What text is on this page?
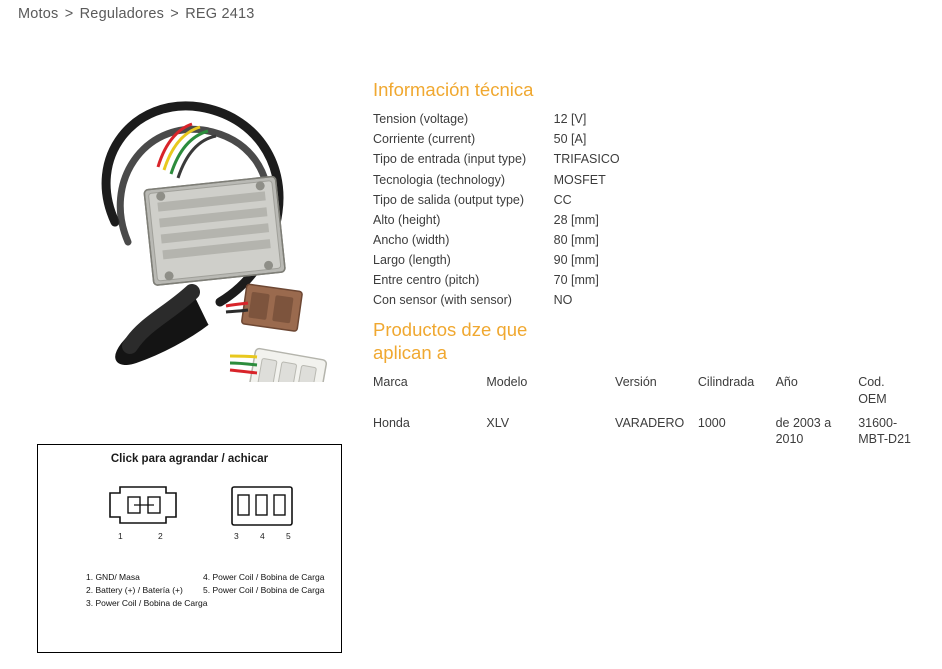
Motos > Reguladores > REG 2413
Información técnica
Tension (voltage)	12 [V]
Corriente (current)	50 [A]
Tipo de entrada (input type)	TRIFASICO
Tecnologia (technology)	MOSFET
Tipo de salida (output type)	CC
Alto (height)	28 [mm]
Ancho (width)	80 [mm]
Largo (length)	90 [mm]
Entre centro (pitch)	70 [mm]
Con sensor (with sensor)	NO
Productos dze que aplican a
Marca	Modelo	Versión	Cilindrada	Año	Cod. OEM
Honda	XLV	VARADERO	1000	de 2003 a 2010	31600-MBT-D21
Click para agrandar / achicar
1	2	3	4	5
1. GND/ Masa
2. Battery (+) / Batería (+)
3. Power Coil / Bobina de Carga
4. Power Coil / Bobina de Carga
5. Power Coil / Bobina de Carga
